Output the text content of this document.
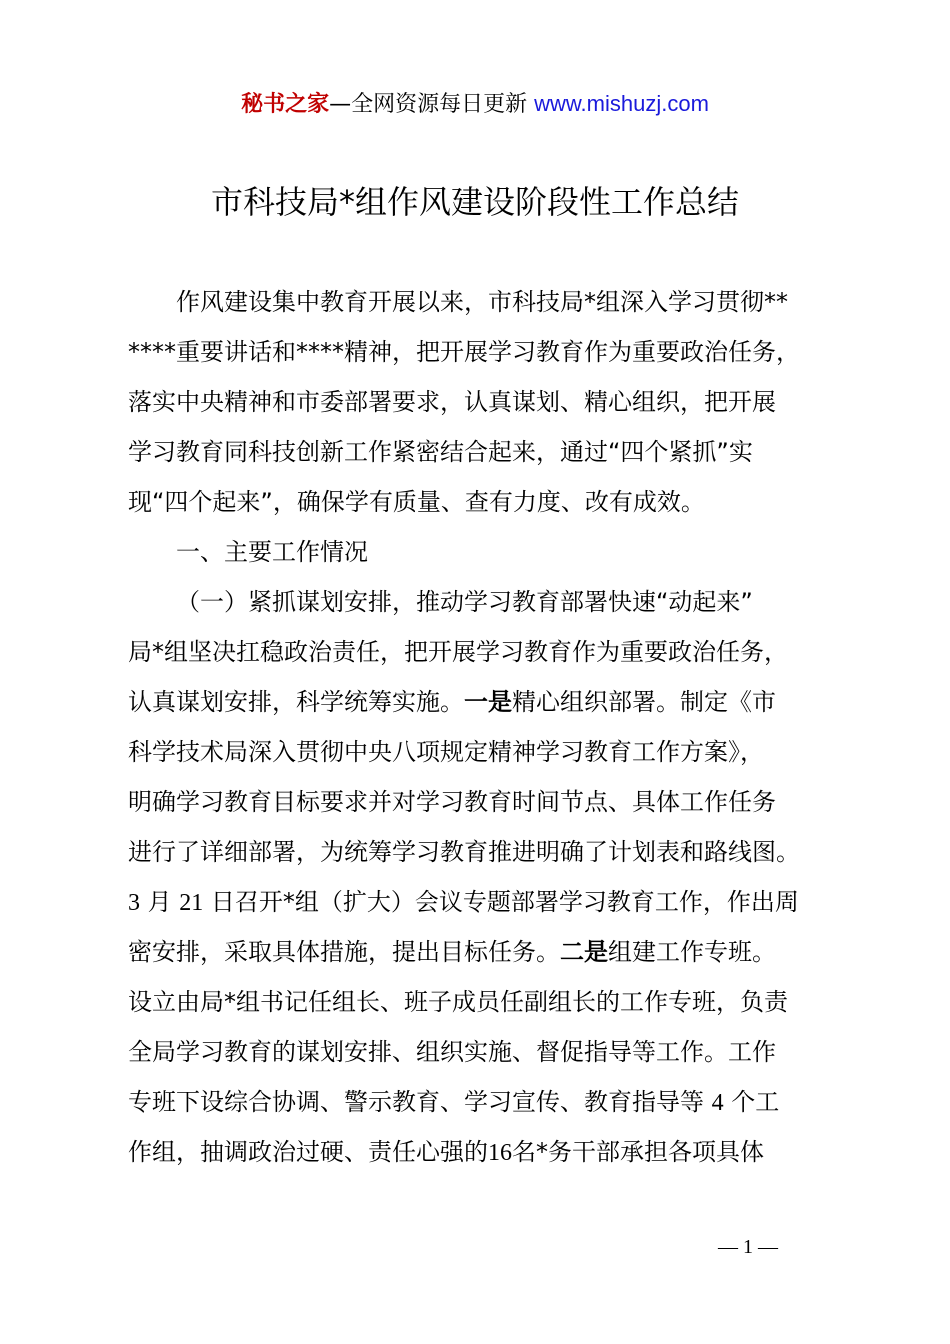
秘书之家—全网资源每日更新 www.mishuzj.com
市科技局*组作风建设阶段性工作总结
作风建设集中教育开展以来，市科技局*组深入学习贯彻**
****重要讲话和****精神，把开展学习教育作为重要政治任务，
落实中央精神和市委部署要求，认真谋划、精心组织，把开展
学习教育同科技创新工作紧密结合起来，通过“四个紧抓”实
现“四个起来”，确保学有质量、查有力度、改有成效。
一、主要工作情况
（一）紧抓谋划安排，推动学习教育部署快速“动起来”
局*组坚决扛稳政治责任，把开展学习教育作为重要政治任务，
认真谋划安排，科学统筹实施。一是精心组织部署。制定《市
科学技术局深入贯彻中央八项规定精神学习教育工作方案》，
明确学习教育目标要求并对学习教育时间节点、具体工作任务
进行了详细部署，为统筹学习教育推进明确了计划表和路线图。
3 月 21 日召开*组（扩大）会议专题部署学习教育工作，作出周
密安排，采取具体措施，提出目标任务。二是组建工作专班。
设立由局*组书记任组长、班子成员任副组长的工作专班，负责
全局学习教育的谋划安排、组织实施、督促指导等工作。工作
专班下设综合协调、警示教育、学习宣传、教育指导等 4 个工
作组，抽调政治过硬、责任心强的16名*务干部承担各项具体
— 1 —
